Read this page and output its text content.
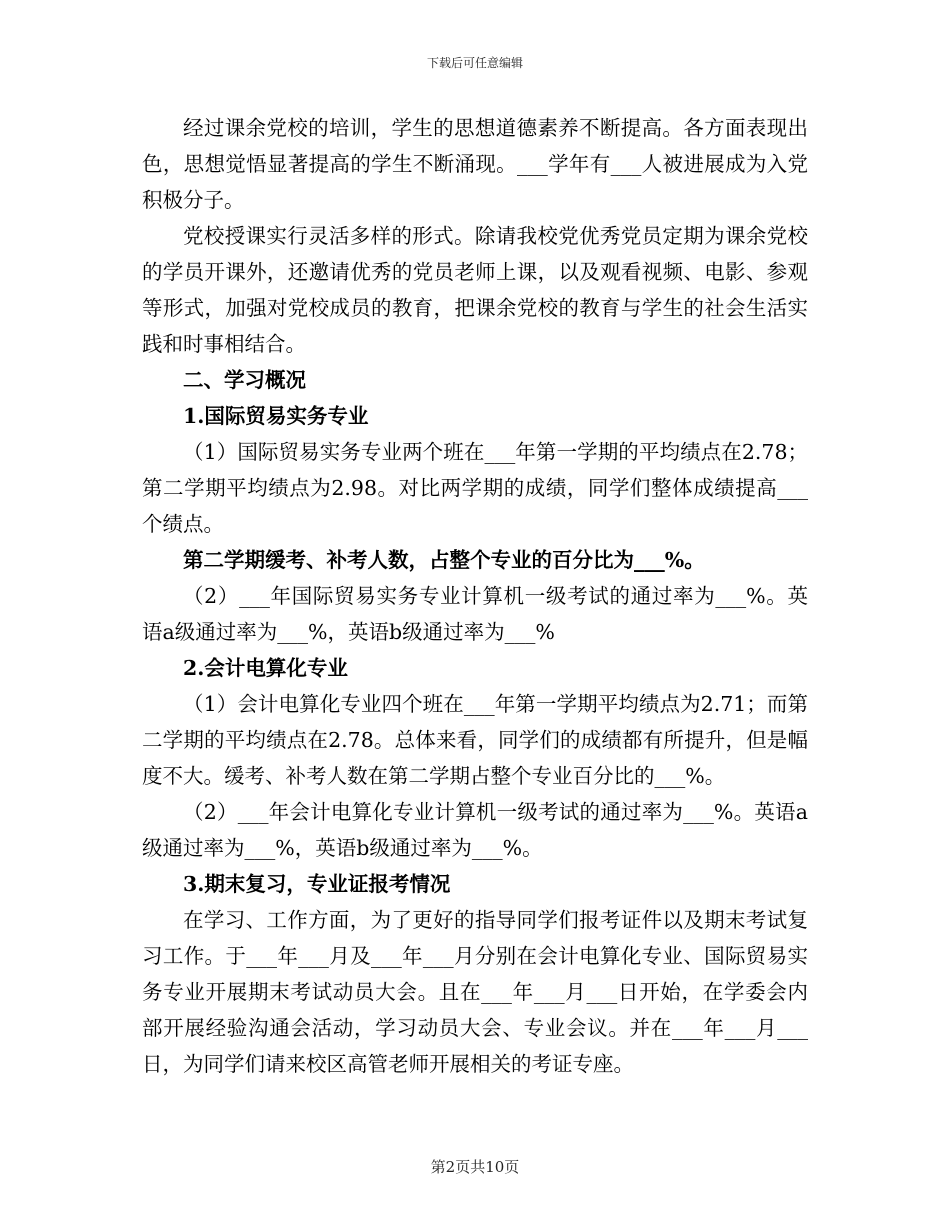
下载后可任意编辑

经过课余党校的培训，学生的思想道德素养不断提高。各方面表现出色，思想觉悟显著提高的学生不断涌现。___学年有___人被进展成为入党积极分子。

党校授课实行灵活多样的形式。除请我校党优秀党员定期为课余党校的学员开课外，还邀请优秀的党员老师上课，以及观看视频、电影、参观等形式，加强对党校成员的教育，把课余党校的教育与学生的社会生活实践和时事相结合。

二、学习概况

1.国际贸易实务专业

（1）国际贸易实务专业两个班在___年第一学期的平均绩点在2.78；第二学期平均绩点为2.98。对比两学期的成绩，同学们整体成绩提高___个绩点。

第二学期缓考、补考人数，占整个专业的百分比为___%。

（2）___年国际贸易实务专业计算机一级考试的通过率为___%。英语a级通过率为___%，英语b级通过率为___%

2.会计电算化专业

（1）会计电算化专业四个班在___年第一学期平均绩点为2.71；而第二学期的平均绩点在2.78。总体来看，同学们的成绩都有所提升，但是幅度不大。缓考、补考人数在第二学期占整个专业百分比的___%。

（2）___年会计电算化专业计算机一级考试的通过率为___%。英语a级通过率为___%，英语b级通过率为___%。

3.期末复习，专业证报考情况

在学习、工作方面，为了更好的指导同学们报考证件以及期末考试复习工作。于___年___月及___年___月分别在会计电算化专业、国际贸易实务专业开展期末考试动员大会。且在___年___月___日开始，在学委会内部开展经验沟通会活动，学习动员大会、专业会议。并在___年___月___日，为同学们请来校区高管老师开展相关的考证专座。

第2页共10页
